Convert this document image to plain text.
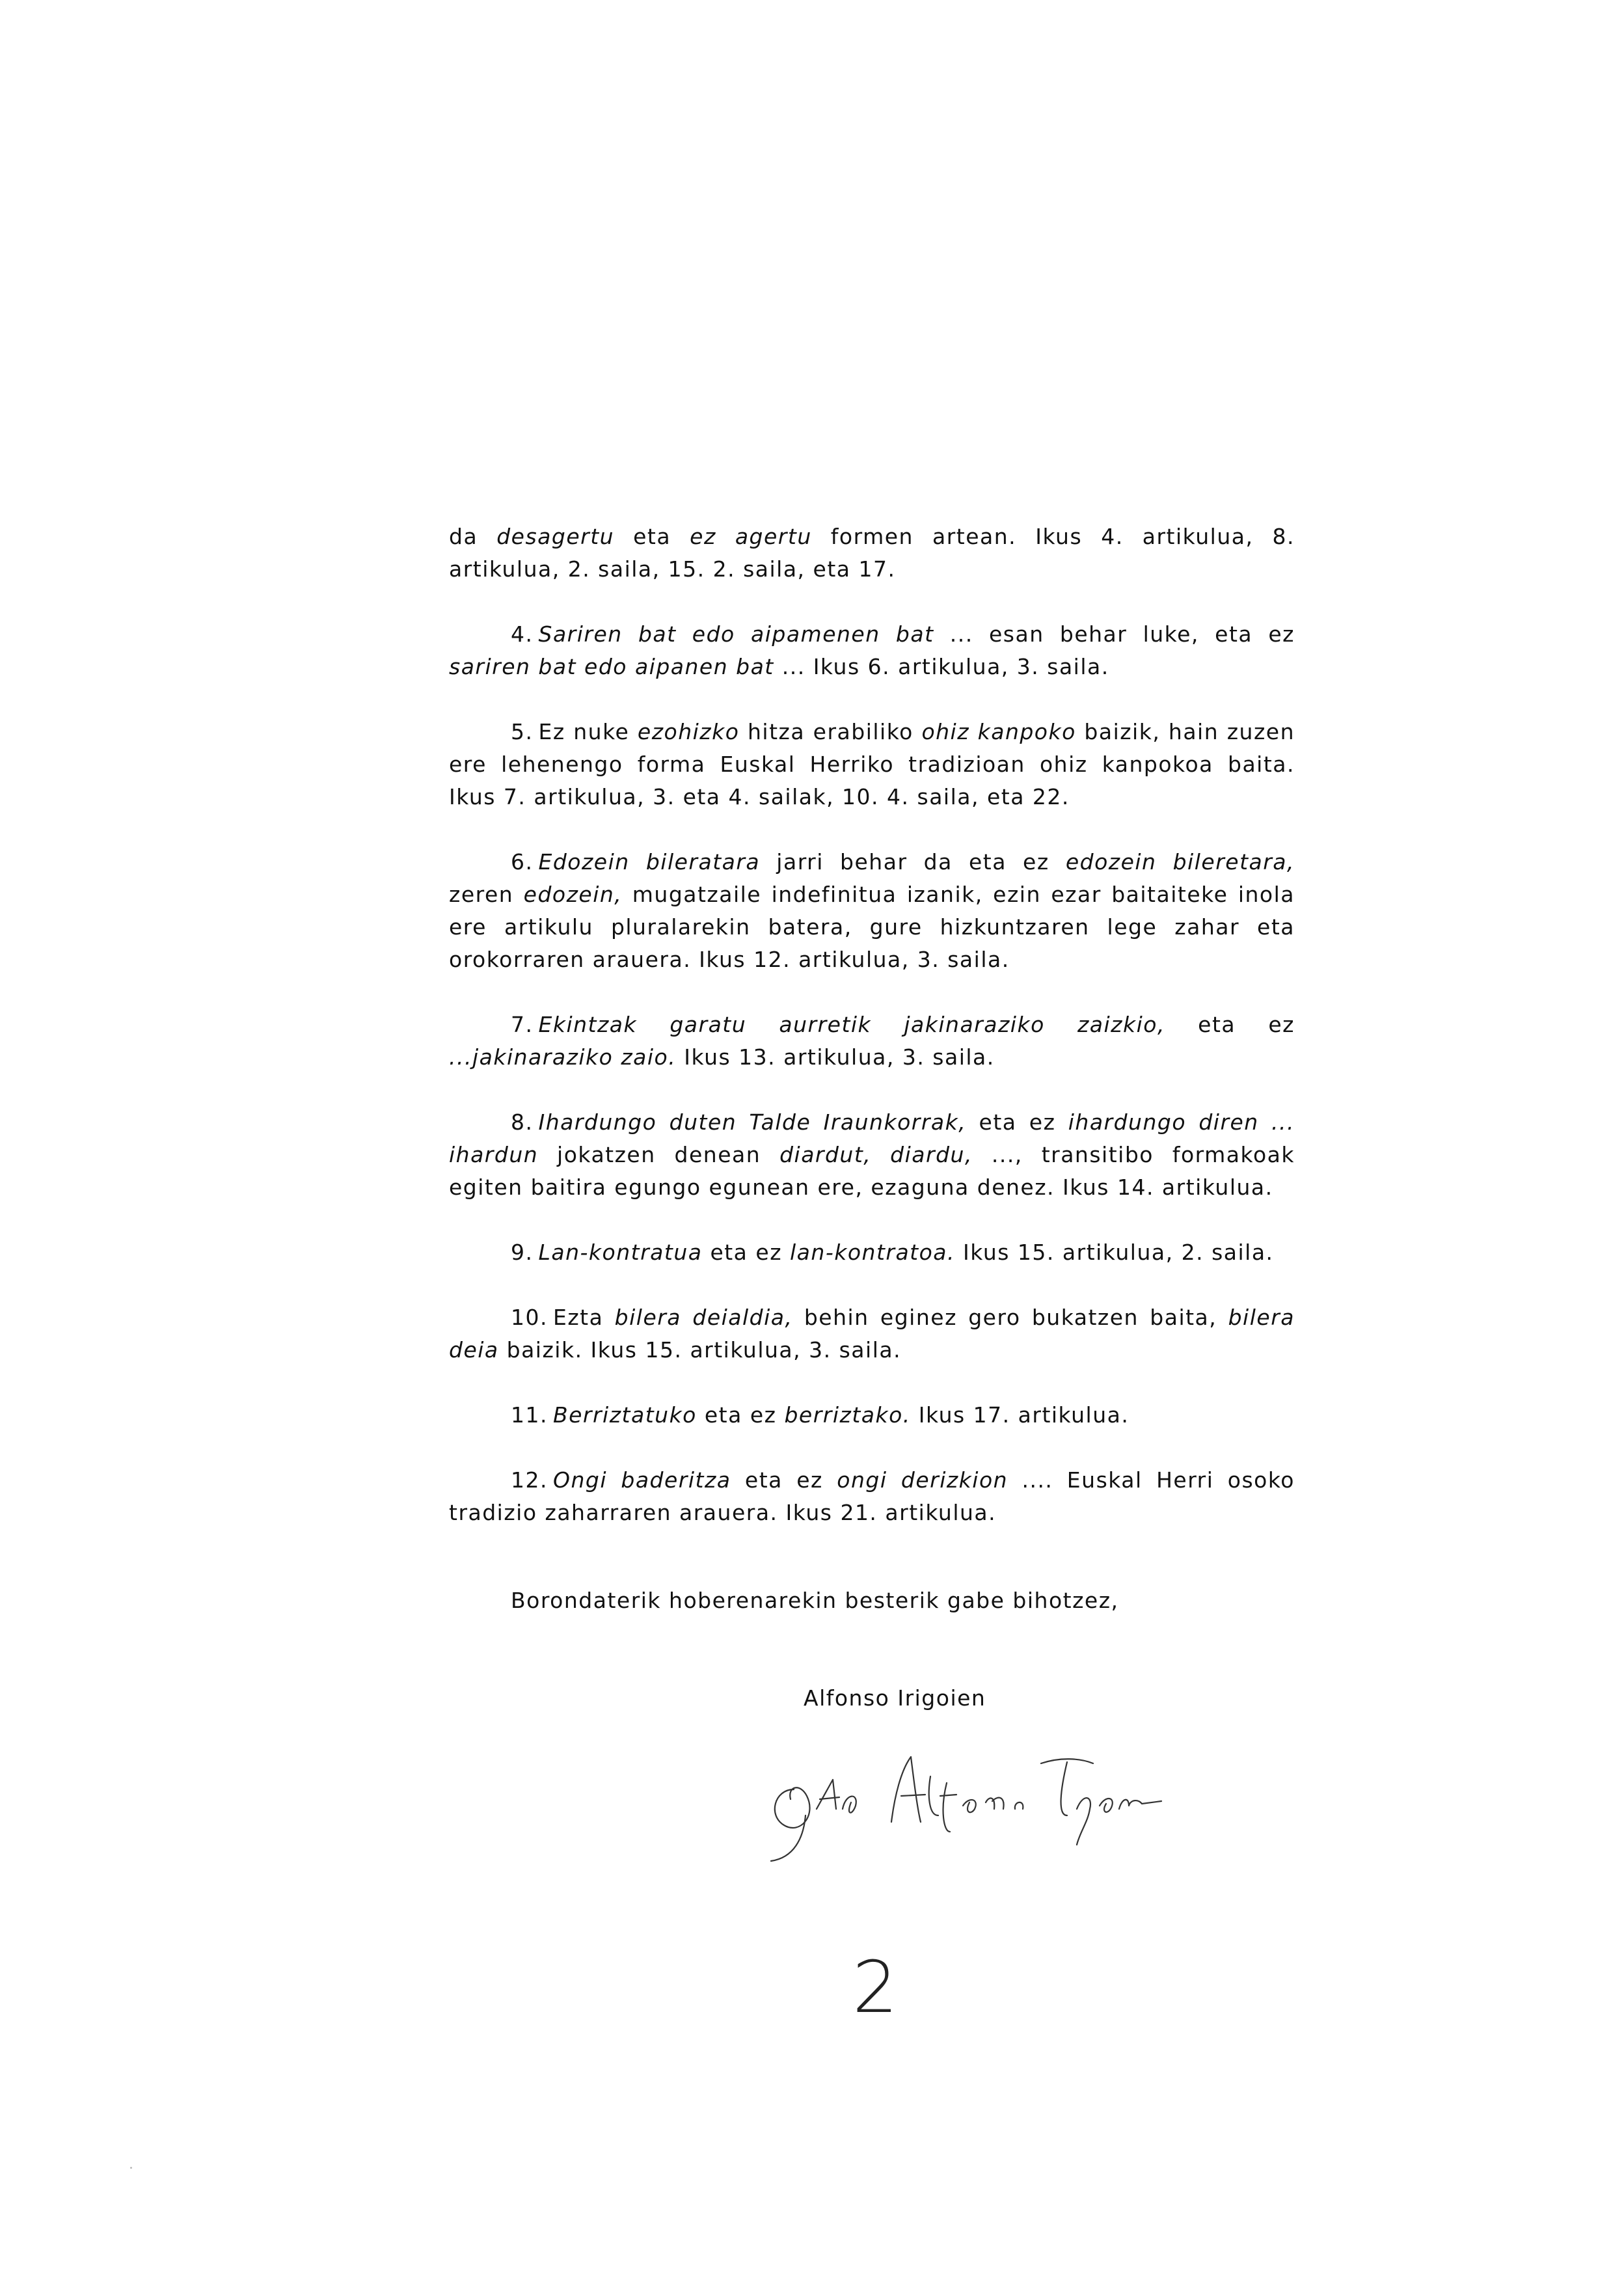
da desagertu eta ez agertu formen artean. Ikus 4. artikulua, 8. artikulua, 2. saila, 15. 2. saila, eta 17.

4. Sariren bat edo aipamenen bat ... esan behar luke, eta ez sariren bat edo aipanen bat ... Ikus 6. artikulua, 3. saila.

5. Ez nuke ezohizko hitza erabiliko ohiz kanpoko baizik, hain zuzen ere lehenengo forma Euskal Herriko tradizioan ohiz kanpokoa baita. Ikus 7. artikulua, 3. eta 4. sailak, 10. 4. saila, eta 22.

6. Edozein bileratara jarri behar da eta ez edozein bileretara, zeren edozein, mugatzaile indefinitua izanik, ezin ezar baitaiteke inola ere artikulu pluralarekin batera, gure hizkuntzaren lege zahar eta orokorraren arauera. Ikus 12. artikulua, 3. saila.

7. Ekintzak garatu aurretik jakinaraziko zaizkio, eta ez ...jakinaraziko zaio. Ikus 13. artikulua, 3. saila.

8. Ihardungo duten Talde Iraunkorrak, eta ez ihardungo diren ... ihardun jokatzen denean diardut, diardu, ..., transitibo formakoak egiten baitira egungo egunean ere, ezaguna denez. Ikus 14. artikulua.

9. Lan-kontratua eta ez lan-kontratoa. Ikus 15. artikulua, 2. saila.

10. Ezta bilera deialdia, behin eginez gero bukatzen baita, bilera deia baizik. Ikus 15. artikulua, 3. saila.

11. Berriztatuko eta ez berriztako. Ikus 17. artikulua.

12. Ongi baderitza eta ez ongi derizkion .... Euskal Herri osoko tradizio zaharraren arauera. Ikus 21. artikulua.

Borondaterik hoberenarekin besterik gabe bihotzez,
Alfonso Irigoien
2
